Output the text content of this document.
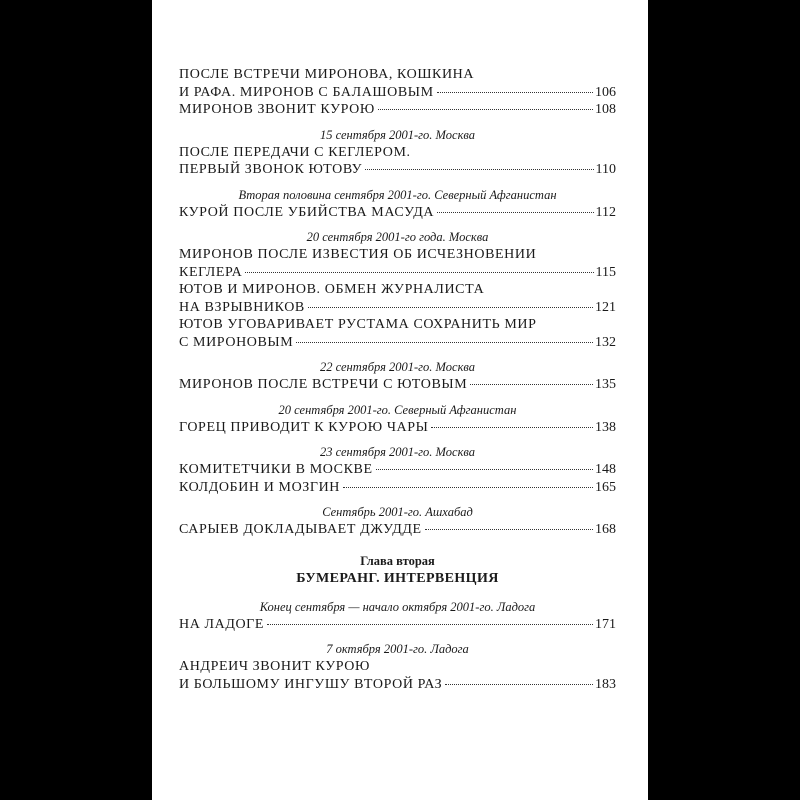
ПОСЛЕ ВСТРЕЧИ МИРОНОВА, КОШКИНА
И РАФА. МИРОНОВ С БАЛАШОВЫМ	106
МИРОНОВ ЗВОНИТ КУРОЮ	108
15 сентября 2001-го. Москва
ПОСЛЕ ПЕРЕДАЧИ С КЕГЛЕРОМ.
ПЕРВЫЙ ЗВОНОК ЮТОВУ	110
Вторая половина сентября 2001-го. Северный Афганистан
КУРОЙ ПОСЛЕ УБИЙСТВА МАСУДА	112
20 сентября 2001-го года. Москва
МИРОНОВ ПОСЛЕ ИЗВЕСТИЯ ОБ ИСЧЕЗНОВЕНИИ
КЕГЛЕРА	115
ЮТОВ И МИРОНОВ. ОБМЕН ЖУРНАЛИСТА
НА ВЗРЫВНИКОВ	121
ЮТОВ УГОВАРИВАЕТ РУСТАМА СОХРАНИТЬ МИР
С МИРОНОВЫМ	132
22 сентября 2001-го. Москва
МИРОНОВ ПОСЛЕ ВСТРЕЧИ С ЮТОВЫМ	135
20 сентября 2001-го. Северный Афганистан
ГОРЕЦ ПРИВОДИТ К КУРОЮ ЧАРЫ	138
23 сентября 2001-го. Москва
КОМИТЕТЧИКИ В МОСКВЕ	148
КОЛДОБИН И МОЗГИН	165
Сентябрь 2001-го. Ашхабад
САРЫЕВ ДОКЛАДЫВАЕТ ДЖУДДЕ	168
Глава вторая
БУМЕРАНГ. ИНТЕРВЕНЦИЯ
Конец сентября — начало октября 2001-го. Ладога
НА ЛАДОГЕ	171
7 октября 2001-го. Ладога
АНДРЕИЧ ЗВОНИТ КУРОЮ
И БОЛЬШОМУ ИНГУШУ ВТОРОЙ РАЗ	183
